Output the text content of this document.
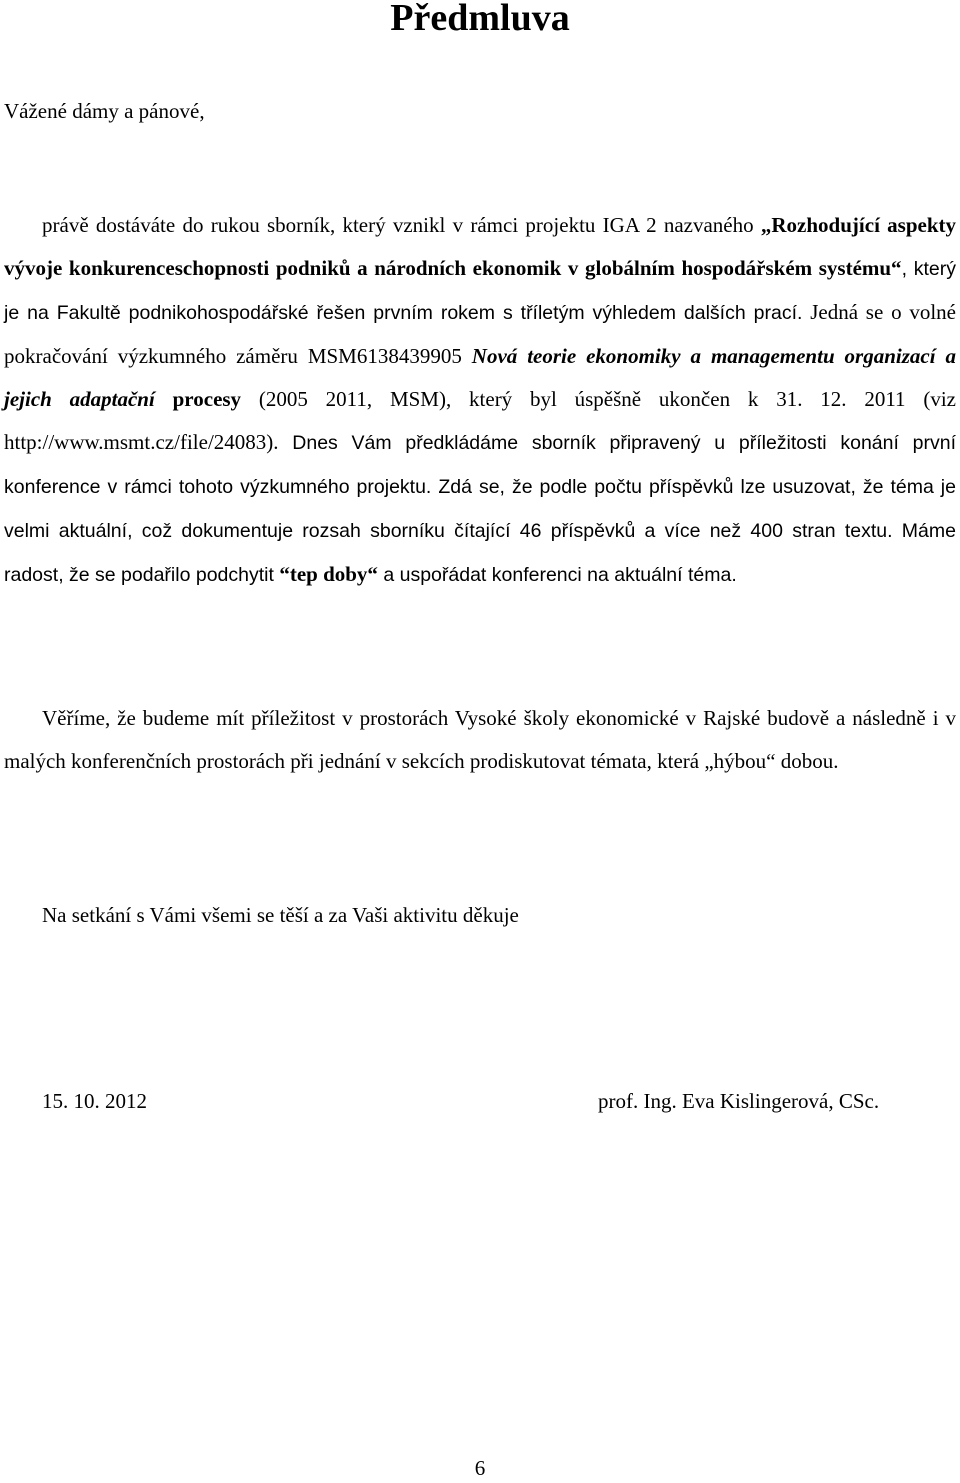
Předmluva
Vážené dámy a pánové,
právě dostáváte do rukou sborník, který vznikl v rámci projektu IGA 2 nazvaného „Rozhodující aspekty vývoje konkurenceschopnosti podniků a národních ekonomik v globálním hospodářském systému“, který je na Fakultě podnikohospodářské řešen prvním rokem s tříletým výhledem dalších prací. Jedná se o volné pokračování výzkumného záměru MSM6138439905 Nová teorie ekonomiky a managementu organizací a jejich adaptační procesy (2005 2011, MSM), který byl úspěšně ukončen k 31. 12. 2011 (viz http://www.msmt.cz/file/24083). Dnes Vám předkládáme sborník připravený u příležitosti konání první konference v rámci tohoto výzkumného projektu. Zdá se, že podle počtu příspěvků lze usuzovat, že téma je velmi aktuální, což dokumentuje rozsah sborníku čítající 46 příspěvků a více než 400 stran textu. Máme radost, že se podařilo podchytit “tep doby“ a uspořádat konferenci na aktuální téma.
Věříme, že budeme mít příležitost v prostorách Vysoké školy ekonomické v Rajské budově a následně i v malých konferenčních prostorách při jednání v sekcích prodiskutovat témata, která „hýbou“ dobou.
Na setkání s Vámi všemi se těší a za Vaši aktivitu děkuje
15. 10. 2012	prof. Ing. Eva Kislingerová, CSc.
6
